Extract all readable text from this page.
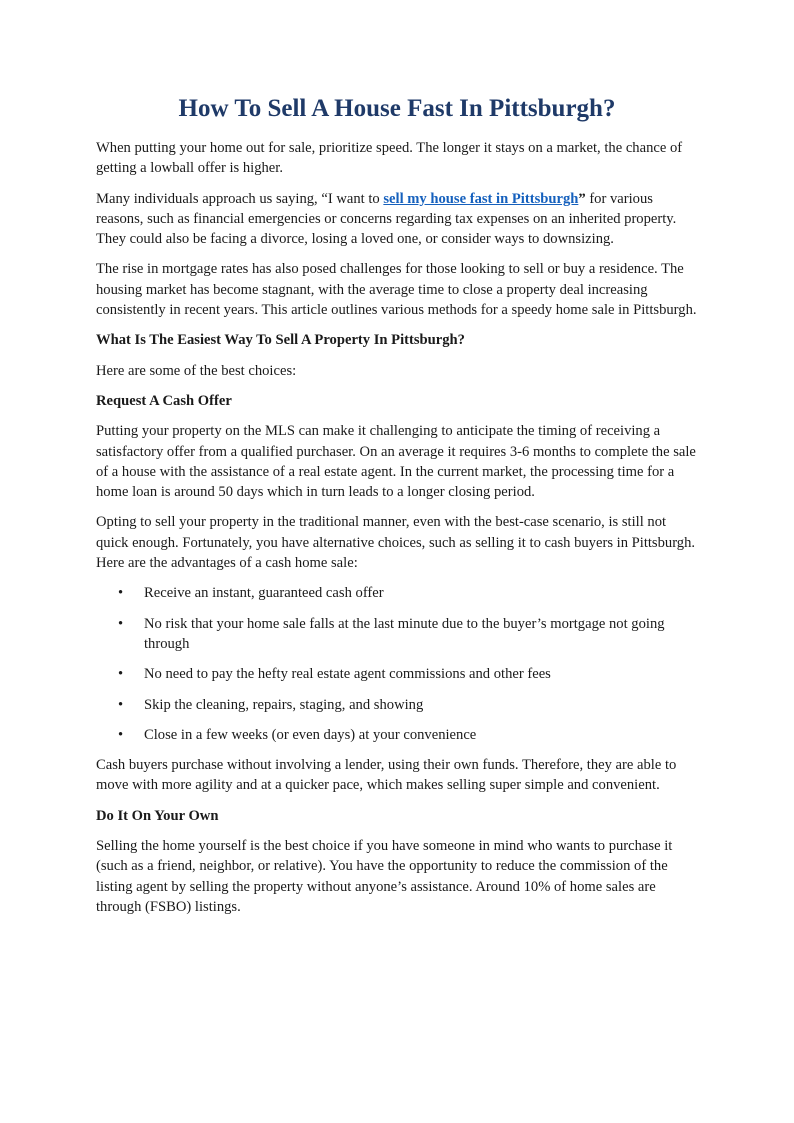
How To Sell A House Fast In Pittsburgh?

When putting your home out for sale, prioritize speed. The longer it stays on a market, the chance of getting a lowball offer is higher.

Many individuals approach us saying, “I want to sell my house fast in Pittsburgh” for various reasons, such as financial emergencies or concerns regarding tax expenses on an inherited property. They could also be facing a divorce, losing a loved one, or consider ways to downsizing.

The rise in mortgage rates has also posed challenges for those looking to sell or buy a residence. The housing market has become stagnant, with the average time to close a property deal increasing consistently in recent years. This article outlines various methods for a speedy home sale in Pittsburgh.

What Is The Easiest Way To Sell A Property In Pittsburgh?

Here are some of the best choices:

Request A Cash Offer

Putting your property on the MLS can make it challenging to anticipate the timing of receiving a satisfactory offer from a qualified purchaser. On an average it requires 3-6 months to complete the sale of a house with the assistance of a real estate agent. In the current market, the processing time for a home loan is around 50 days which in turn leads to a longer closing period.

Opting to sell your property in the traditional manner, even with the best-case scenario, is still not quick enough. Fortunately, you have alternative choices, such as selling it to cash buyers in Pittsburgh. Here are the advantages of a cash home sale:

• Receive an instant, guaranteed cash offer
• No risk that your home sale falls at the last minute due to the buyer’s mortgage not going through
• No need to pay the hefty real estate agent commissions and other fees
• Skip the cleaning, repairs, staging, and showing
• Close in a few weeks (or even days) at your convenience

Cash buyers purchase without involving a lender, using their own funds. Therefore, they are able to move with more agility and at a quicker pace, which makes selling super simple and convenient.

Do It On Your Own

Selling the home yourself is the best choice if you have someone in mind who wants to purchase it (such as a friend, neighbor, or relative). You have the opportunity to reduce the commission of the listing agent by selling the property without anyone’s assistance. Around 10% of home sales are through (FSBO) listings.
